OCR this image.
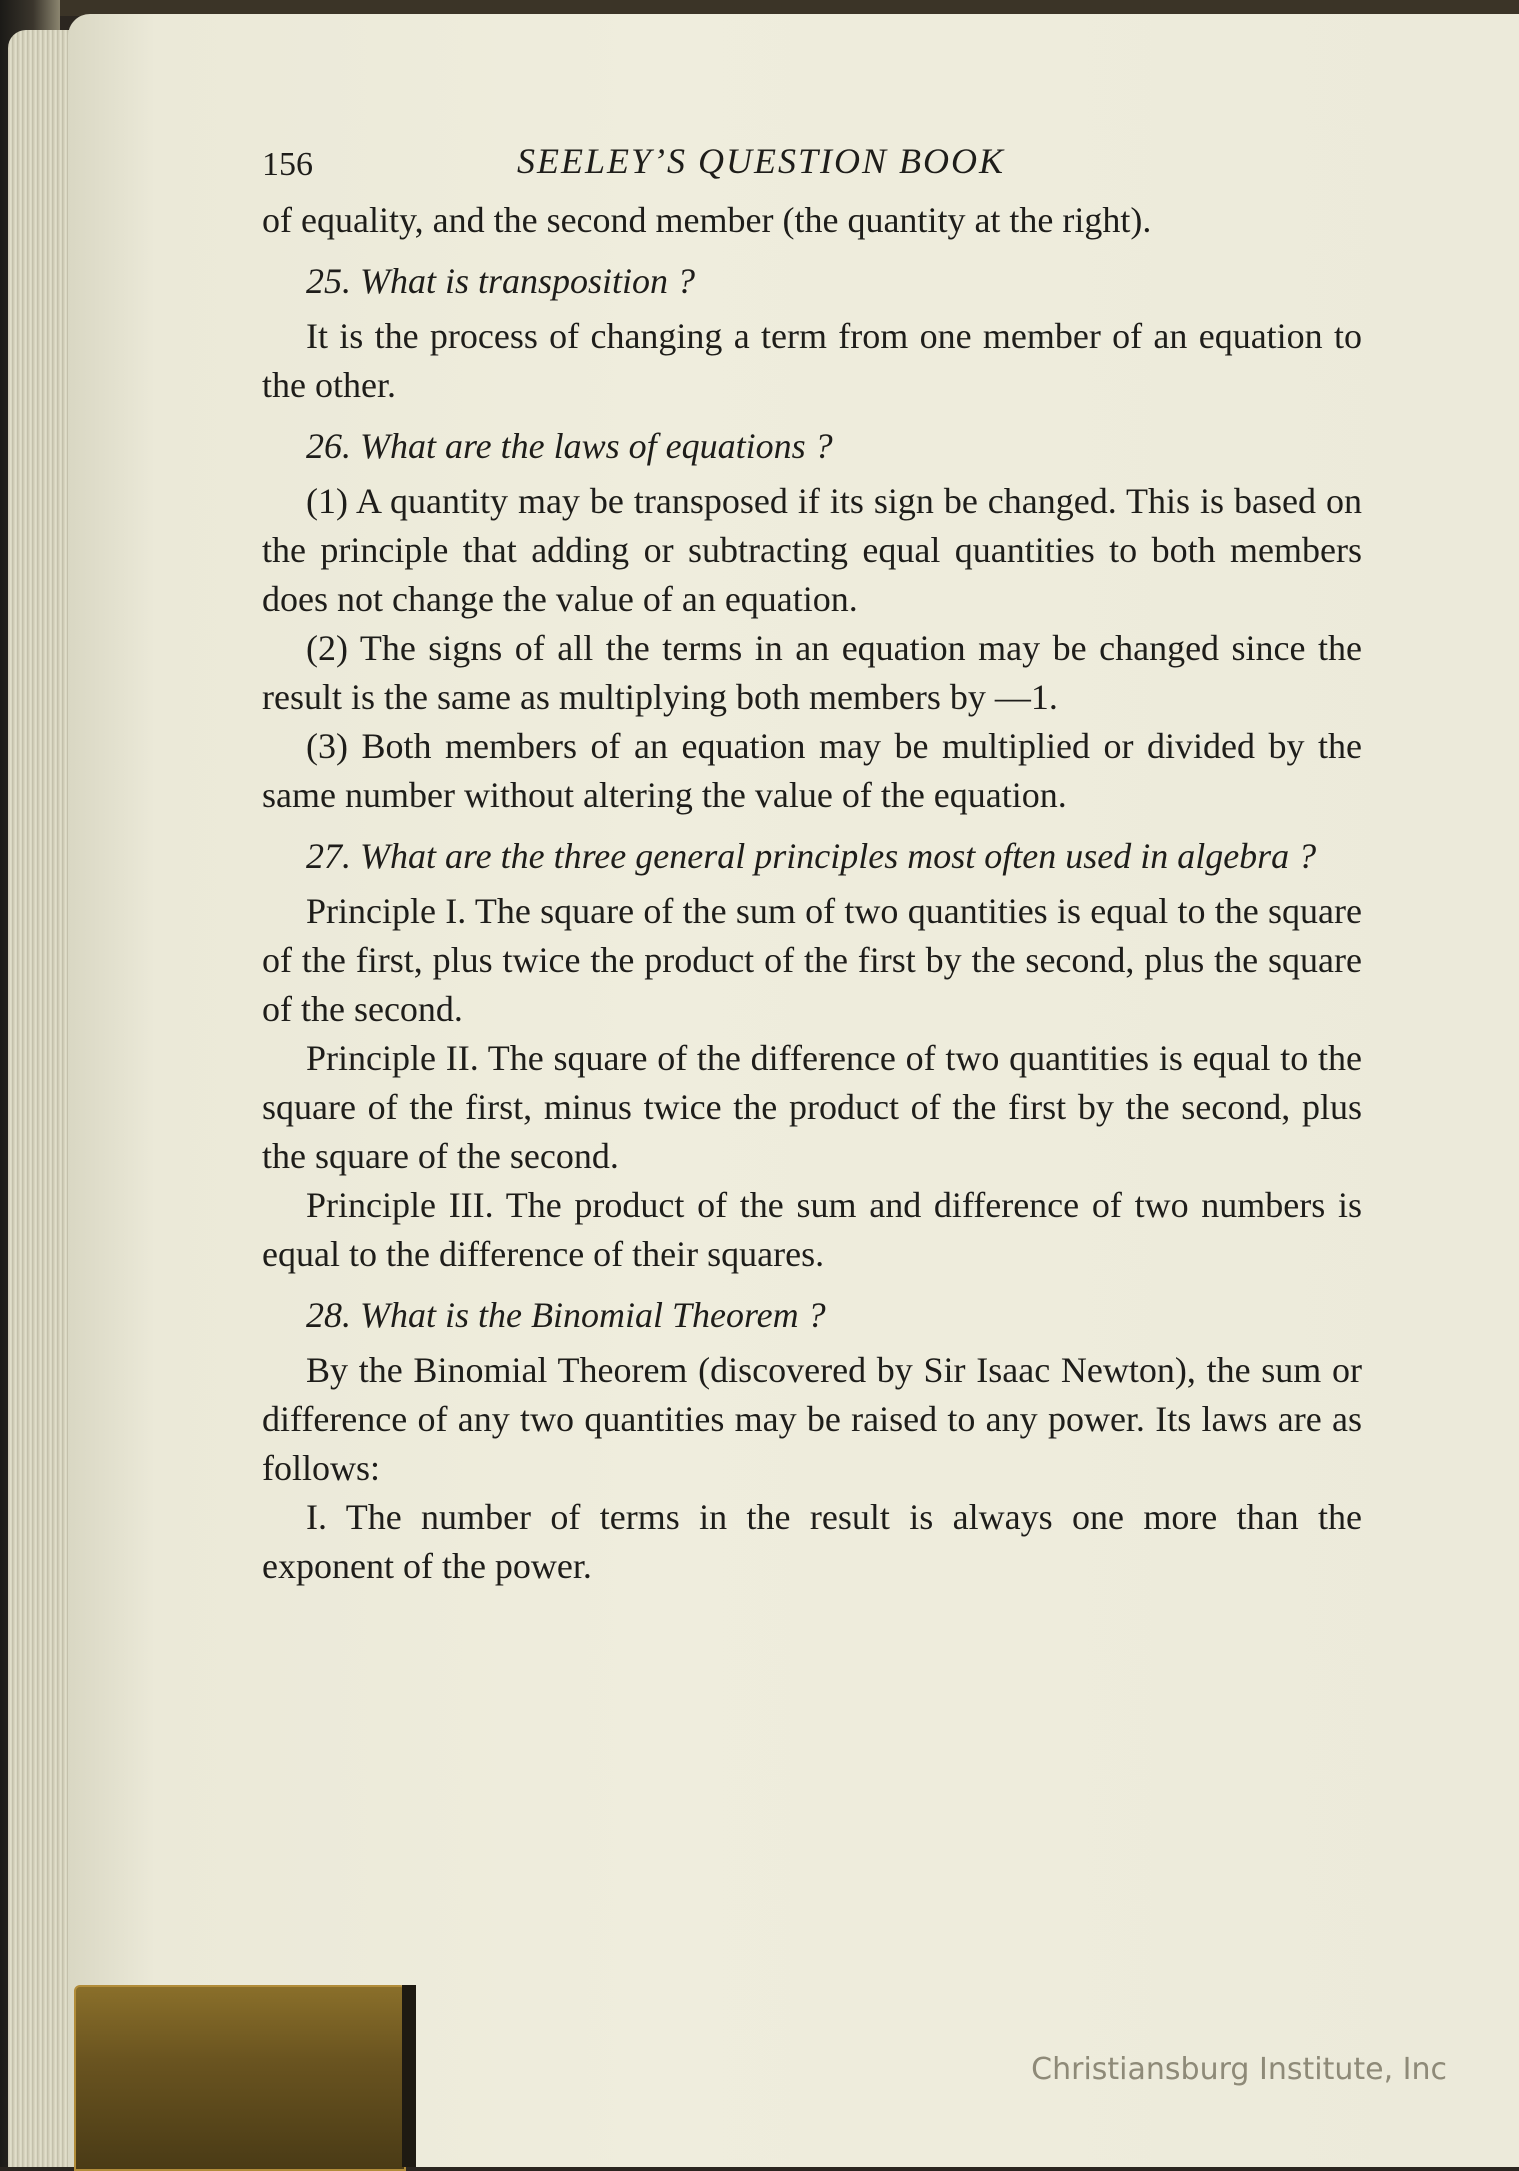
156	SEELEY’S QUESTION BOOK

of equality, and the second member (the quantity at the right).

25. What is transposition ?

It is the process of changing a term from one member of an equation to the other.

26. What are the laws of equations ?

(1) A quantity may be transposed if its sign be changed. This is based on the principle that adding or subtracting equal quantities to both members does not change the value of an equation.

(2) The signs of all the terms in an equation may be changed since the result is the same as multiplying both members by —1.

(3) Both members of an equation may be multiplied or divided by the same number without altering the value of the equation.

27. What are the three general principles most often used in algebra ?

Principle I. The square of the sum of two quantities is equal to the square of the first, plus twice the product of the first by the second, plus the square of the second.

Principle II. The square of the difference of two quantities is equal to the square of the first, minus twice the product of the first by the second, plus the square of the second.

Principle III. The product of the sum and difference of two numbers is equal to the difference of their squares.

28. What is the Binomial Theorem ?

By the Binomial Theorem (discovered by Sir Isaac Newton), the sum or difference of any two quantities may be raised to any power. Its laws are as follows:

I. The number of terms in the result is always one more than the exponent of the power.

Christiansburg Institute, Inc
